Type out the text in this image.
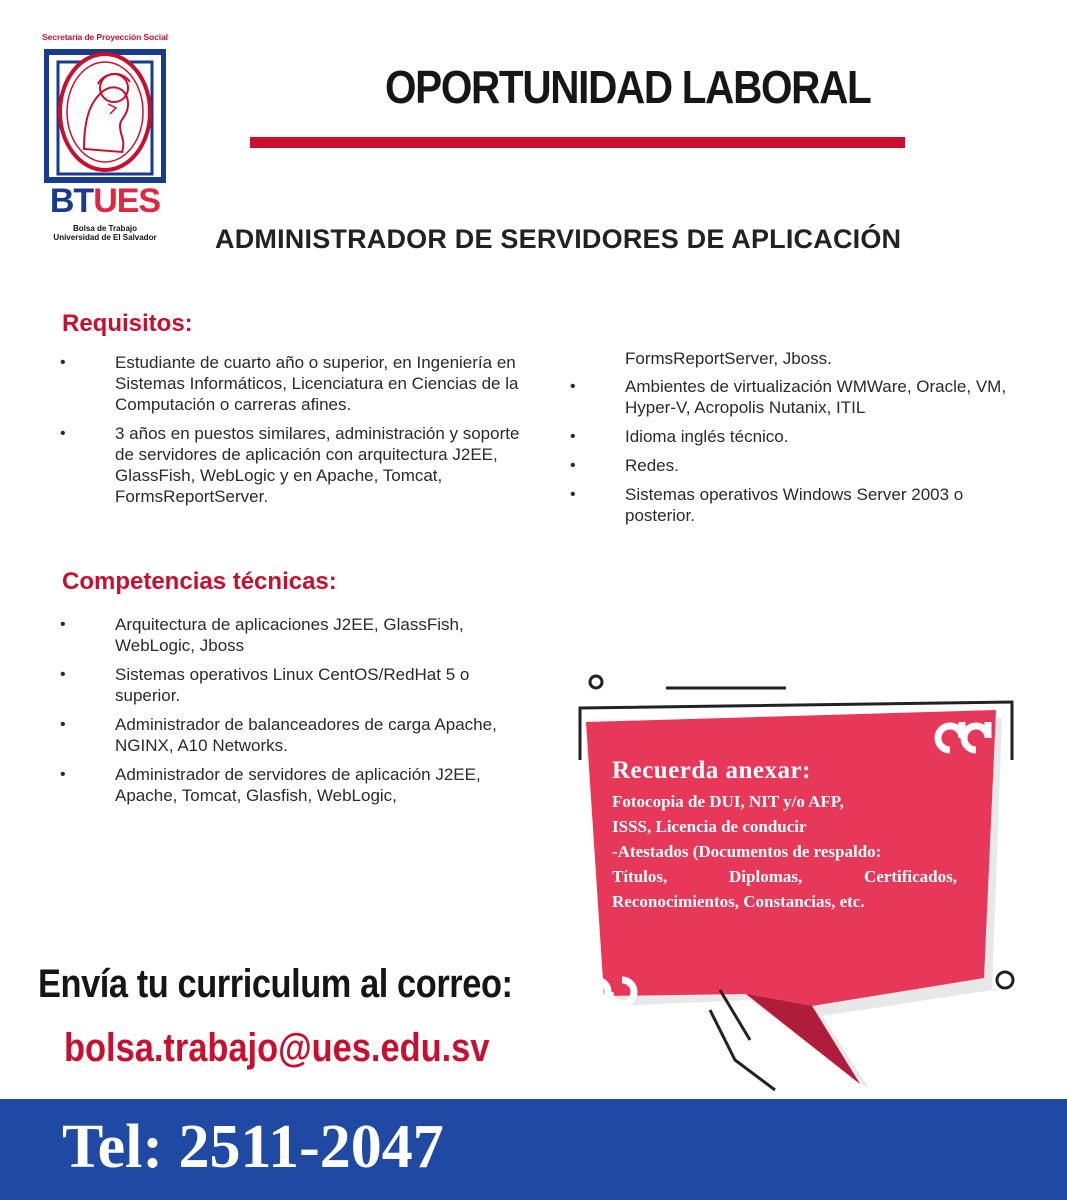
Secretaría de Proyección Social
BTUES
Bolsa de Trabajo
Universidad de El Salvador
OPORTUNIDAD LABORAL
ADMINISTRADOR DE SERVIDORES DE APLICACIÓN
Requisitos:
• Estudiante de cuarto año o superior, en Ingeniería en Sistemas Informáticos, Licenciatura en Ciencias de la Computación o carreras afines.
• 3 años en puestos similares, administración y soporte de servidores de aplicación con arquitectura J2EE, GlassFish, WebLogic y en Apache, Tomcat, FormsReportServer.
Competencias técnicas:
• Arquitectura de aplicaciones J2EE, GlassFish, WebLogic, Jboss
• Sistemas operativos Linux CentOS/RedHat 5 o superior.
• Administrador de balanceadores de carga Apache, NGINX, A10 Networks.
• Administrador de servidores de aplicación J2EE, Apache, Tomcat, Glasfish, WebLogic,
FormsReportServer, Jboss.
• Ambientes de virtualización WMWare, Oracle, VM, Hyper-V, Acropolis Nutanix, ITIL
• Idioma inglés técnico.
• Redes.
• Sistemas operativos Windows Server 2003 o posterior.
Recuerda anexar:
Fotocopia de DUI, NIT y/o AFP,
ISSS, Licencia de conducir
-Atestados (Documentos de respaldo:
Títulos,	Diplomas,	Certificados,
Reconocimientos, Constancias, etc.
Envía tu curriculum al correo:
bolsa.trabajo@ues.edu.sv
Tel: 2511-2047
